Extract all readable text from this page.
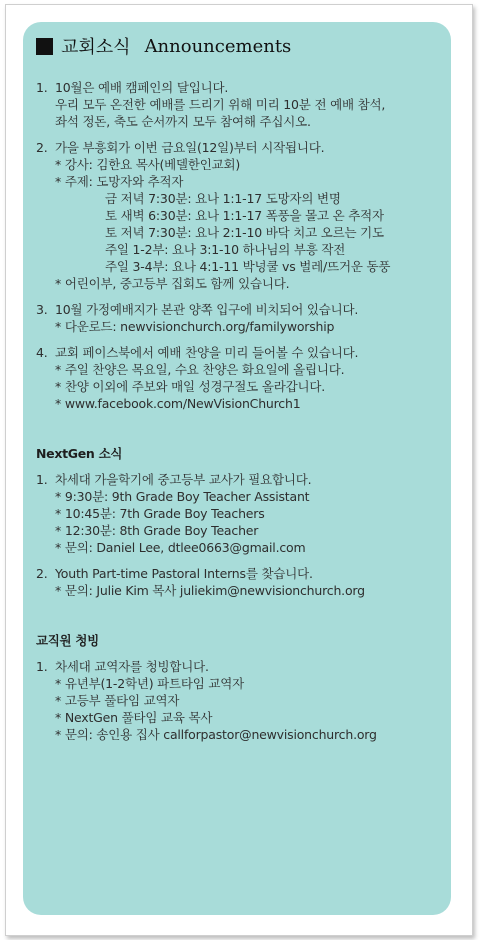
교회소식 Announcements
1. 10월은 예배 캠페인의 달입니다.
우리 모두 온전한 예배를 드리기 위해 미리 10분 전 예배 참석,
좌석 정돈, 축도 순서까지 모두 참여해 주십시오.
2. 가을 부흥회가 이번 금요일(12일)부터 시작됩니다.
* 강사: 김한요 목사(베델한인교회)
* 주제: 도망자와 추적자
금 저녁 7:30분: 요나 1:1-17 도망자의 변명
토 새벽 6:30분: 요나 1:1-17 폭풍을 몰고 온 추적자
토 저녁 7:30분: 요나 2:1-10 바닥 치고 오르는 기도
주일 1-2부: 요나 3:1-10 하나님의 부흥 작전
주일 3-4부: 요나 4:1-11 박넝쿨 vs 벌레/뜨거운 동풍
* 어린이부, 중고등부 집회도 함께 있습니다.
3. 10월 가정예배지가 본관 양쪽 입구에 비치되어 있습니다.
* 다운로드: newvisionchurch.org/familyworship
4. 교회 페이스북에서 예배 찬양을 미리 들어볼 수 있습니다.
* 주일 찬양은 목요일, 수요 찬양은 화요일에 올립니다.
* 찬양 이외에 주보와 매일 성경구절도 올라갑니다.
* www.facebook.com/NewVisionChurch1
NextGen 소식
1. 차세대 가을학기에 중고등부 교사가 필요합니다.
* 9:30분: 9th Grade Boy Teacher Assistant
* 10:45분: 7th Grade Boy Teachers
* 12:30분: 8th Grade Boy Teacher
* 문의: Daniel Lee, dtlee0663@gmail.com
2. Youth Part-time Pastoral Interns를 찾습니다.
* 문의: Julie Kim 목사 juliekim@newvisionchurch.org
교직원 청빙
1. 차세대 교역자를 청빙합니다.
* 유년부(1-2학년) 파트타임 교역자
* 고등부 풀타임 교역자
* NextGen 풀타임 교육 목사
* 문의: 송인용 집사 callforpastor@newvisionchurch.org
